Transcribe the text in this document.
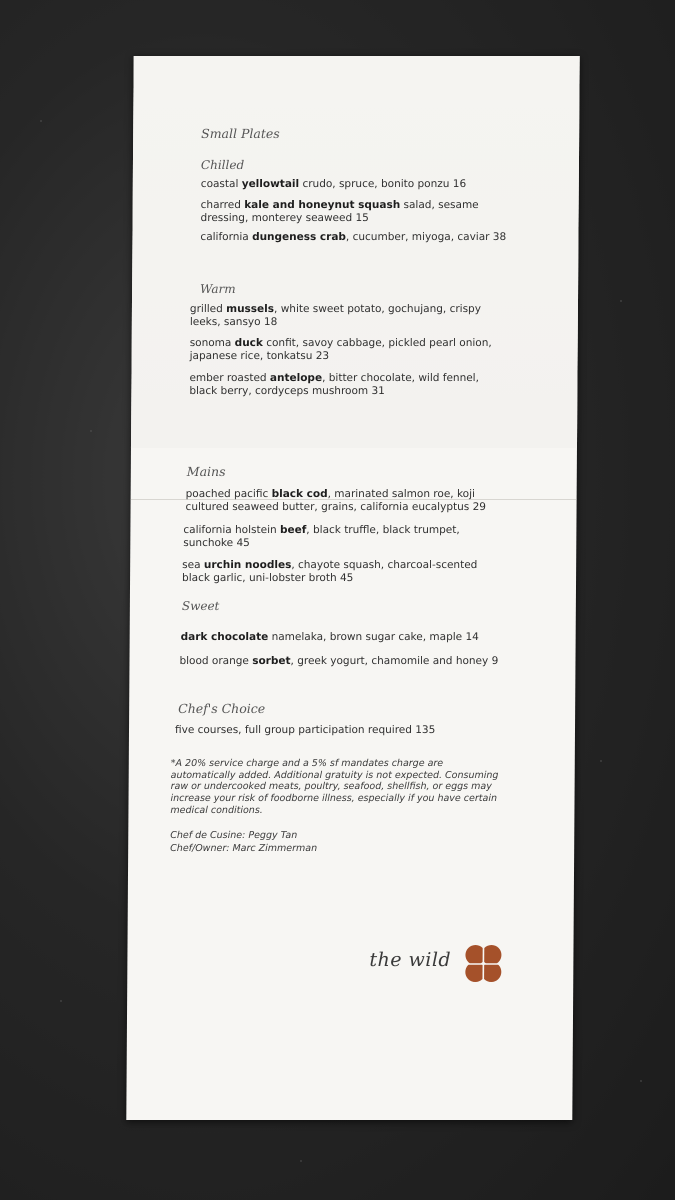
Small Plates
Chilled
coastal yellowtail crudo, spruce, bonito ponzu 16
charred kale and honeynut squash salad, sesame dressing, monterey seaweed 15
california dungeness crab, cucumber, miyoga, caviar 38
Warm
grilled mussels, white sweet potato, gochujang, crispy leeks, sansyo 18
sonoma duck confit, savoy cabbage, pickled pearl onion, japanese rice, tonkatsu 23
ember roasted antelope, bitter chocolate, wild fennel, black berry, cordyceps mushroom 31
Mains
poached pacific black cod, marinated salmon roe, koji cultured seaweed butter, grains, california eucalyptus 29
california holstein beef, black truffle, black trumpet, sunchoke 45
sea urchin noodles, chayote squash, charcoal-scented black garlic, uni-lobster broth 45
Sweet
dark chocolate namelaka, brown sugar cake, maple 14
blood orange sorbet, greek yogurt, chamomile and honey 9
Chef's Choice
five courses, full group participation required 135
*A 20% service charge and a 5% sf mandates charge are automatically added. Additional gratuity is not expected. Consuming raw or undercooked meats, poultry, seafood, shellfish, or eggs may increase your risk of foodborne illness, especially if you have certain medical conditions.
Chef de Cusine: Peggy Tan
Chef/Owner: Marc Zimmerman
the wild
